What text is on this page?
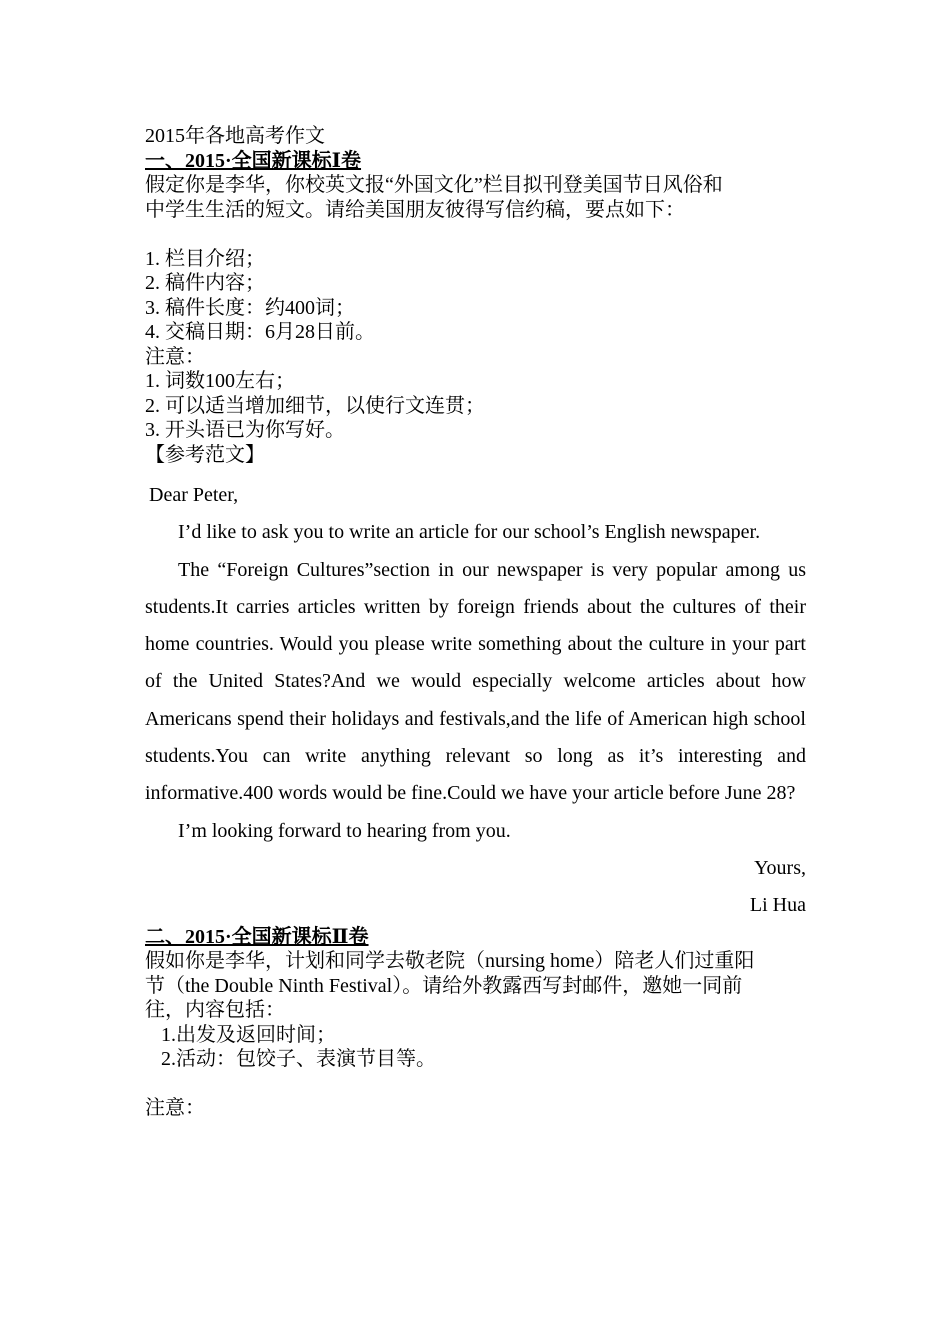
2015年各地高考作文
一、2015·全国新课标Ⅰ卷
假定你是李华，你校英文报“外国文化”栏目拟刊登美国节日风俗和
中学生生活的短文。请给美国朋友彼得写信约稿，要点如下：
1. 栏目介绍；
2. 稿件内容；
3. 稿件长度：约400词；
4. 交稿日期：6月28日前。
注意：
1. 词数100左右；
2. 可以适当增加细节，以使行文连贯；
3. 开头语已为你写好。
【参考范文】
Dear Peter,
I’d like to ask you to write an article for our school’s English newspaper.
The “Foreign Cultures”section in our newspaper is very popular among us students.It carries articles written by foreign friends about the cultures of their home countries. Would you please write something about the culture in your part of the United States?And we would especially welcome articles about how Americans spend their holidays and festivals,and the life of American high school students.You can write anything relevant so long as it’s interesting and informative.400 words would be fine.Could we have your article before June 28?
I’m looking forward to hearing from you.
Yours,
Li Hua
二、2015·全国新课标Ⅱ卷
假如你是李华，计划和同学去敬老院（nursing home）陪老人们过重阳
节（the Double Ninth Festival）。请给外教露西写封邮件，邀她一同前
往，内容包括：
1.出发及返回时间；
2.活动：包饺子、表演节目等。
注意：
